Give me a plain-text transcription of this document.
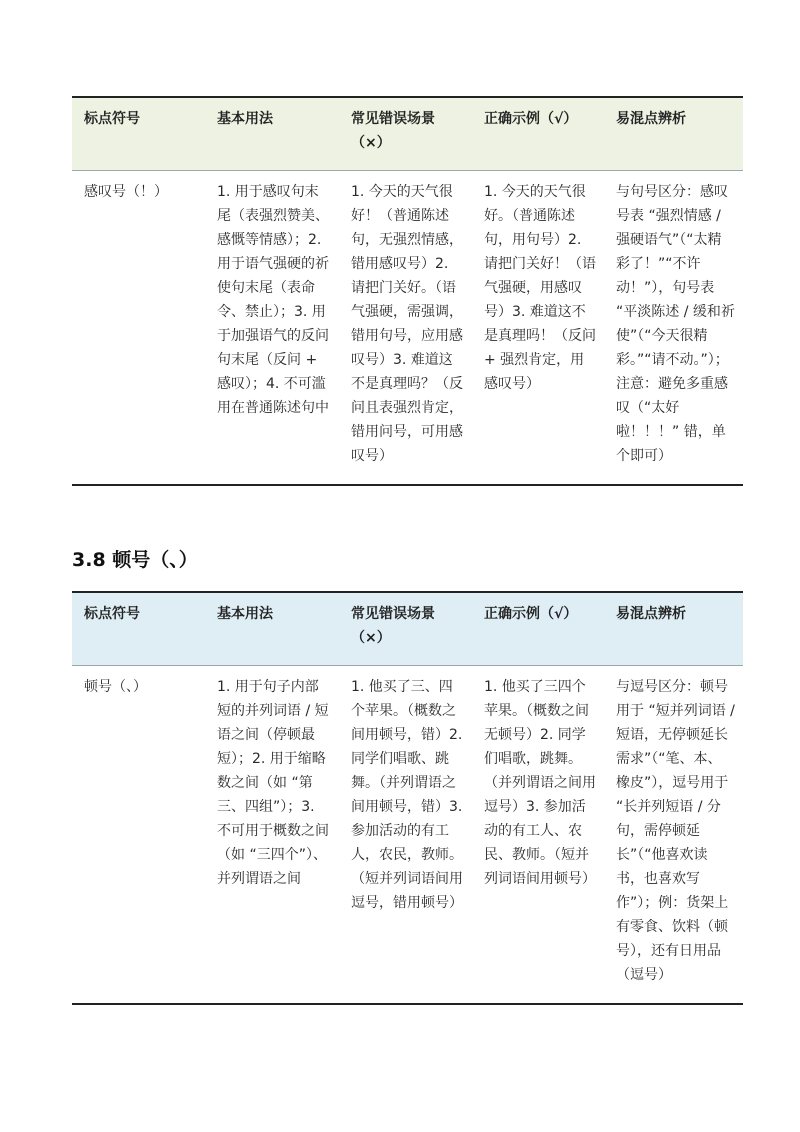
标点符号	基本用法	常见错误场景（×）	正确示例（√）	易混点辨析

感叹号（！）	1. 用于感叹句末尾（表强烈赞美、感慨等情感）；2. 用于语气强硬的祈使句末尾（表命令、禁止）；3. 用于加强语气的反问句末尾（反问 + 感叹）；4. 不可滥用在普通陈述句中	1. 今天的天气很好！（普通陈述句，无强烈情感，错用感叹号）2. 请把门关好。（语气强硬，需强调，错用句号，应用感叹号）3. 难道这不是真理吗？（反问且表强烈肯定，错用问号，可用感叹号）	1. 今天的天气很好。（普通陈述句，用句号）2. 请把门关好！（语气强硬，用感叹号）3. 难道这不是真理吗！（反问 + 强烈肯定，用感叹号）	与句号区分：感叹号表 “强烈情感 / 强硬语气”（“太精彩了！”“不许动！”），句号表 “平淡陈述 / 缓和祈使”（“今天很精彩。”“请不动。”）；注意：避免多重感叹（“太好啦！！！” 错，单个即可）
3.8 顿号（、）
标点符号	基本用法	常见错误场景（×）	正确示例（√）	易混点辨析

顿号（、）	1. 用于句子内部短的并列词语 / 短语之间（停顿最短）；2. 用于缩略数之间（如 “第三、四组”）；3. 不可用于概数之间（如 “三四个”）、并列谓语之间	1. 他买了三、四个苹果。（概数之间用顿号，错）2. 同学们唱歌、跳舞。（并列谓语之间用顿号，错）3. 参加活动的有工人，农民，教师。（短并列词语间用逗号，错用顿号）	1. 他买了三四个苹果。（概数之间无顿号）2. 同学们唱歌，跳舞。（并列谓语之间用逗号）3. 参加活动的有工人、农民、教师。（短并列词语间用顿号）	与逗号区分：顿号用于 “短并列词语 / 短语，无停顿延长需求”（“笔、本、橡皮”），逗号用于 “长并列短语 / 分句，需停顿延长”（“他喜欢读书，也喜欢写作”）；例：货架上有零食、饮料（顿号），还有日用品（逗号）
